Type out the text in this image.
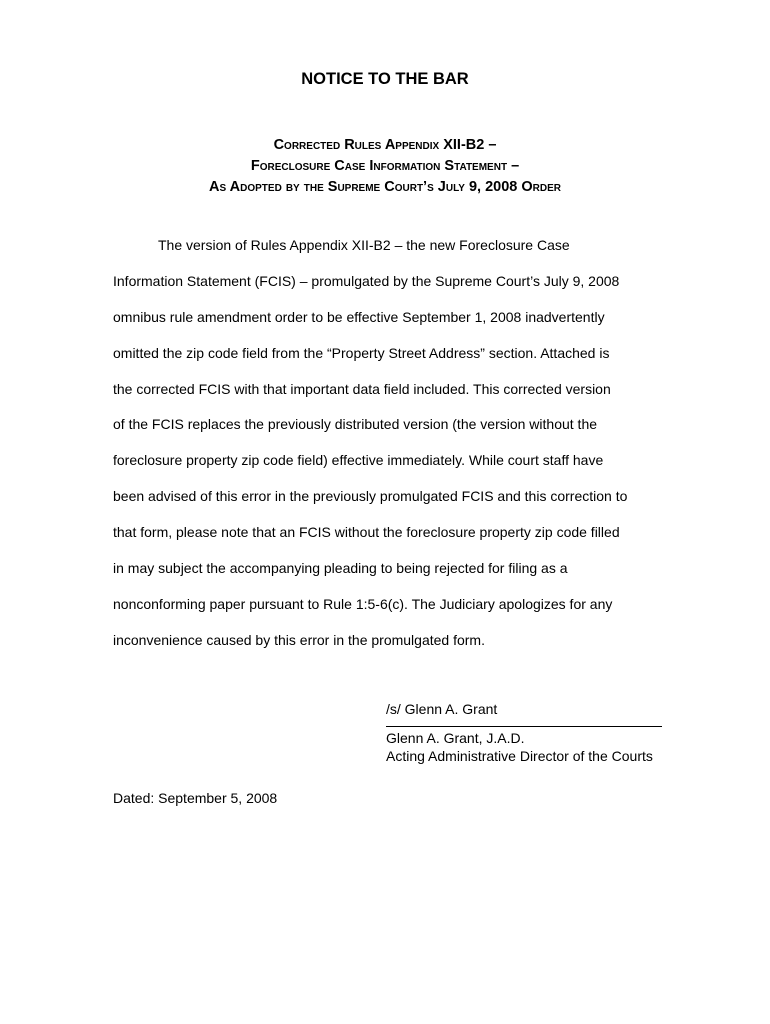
NOTICE TO THE BAR
Corrected Rules Appendix XII-B2 –
Foreclosure Case Information Statement –
As Adopted by the Supreme Court’s July 9, 2008 Order
The version of Rules Appendix XII-B2 – the new Foreclosure Case
Information Statement (FCIS) – promulgated by the Supreme Court’s July 9, 2008
omnibus rule amendment order to be effective September 1, 2008 inadvertently
omitted the zip code field from the “Property Street Address” section. Attached is
the corrected FCIS with that important data field included. This corrected version
of the FCIS replaces the previously distributed version (the version without the
foreclosure property zip code field) effective immediately. While court staff have
been advised of this error in the previously promulgated FCIS and this correction to
that form, please note that an FCIS without the foreclosure property zip code filled
in may subject the accompanying pleading to being rejected for filing as a
nonconforming paper pursuant to Rule 1:5-6(c). The Judiciary apologizes for any
inconvenience caused by this error in the promulgated form.
/s/ Glenn A. Grant
Glenn A. Grant, J.A.D.
Acting Administrative Director of the Courts
Dated: September 5, 2008
